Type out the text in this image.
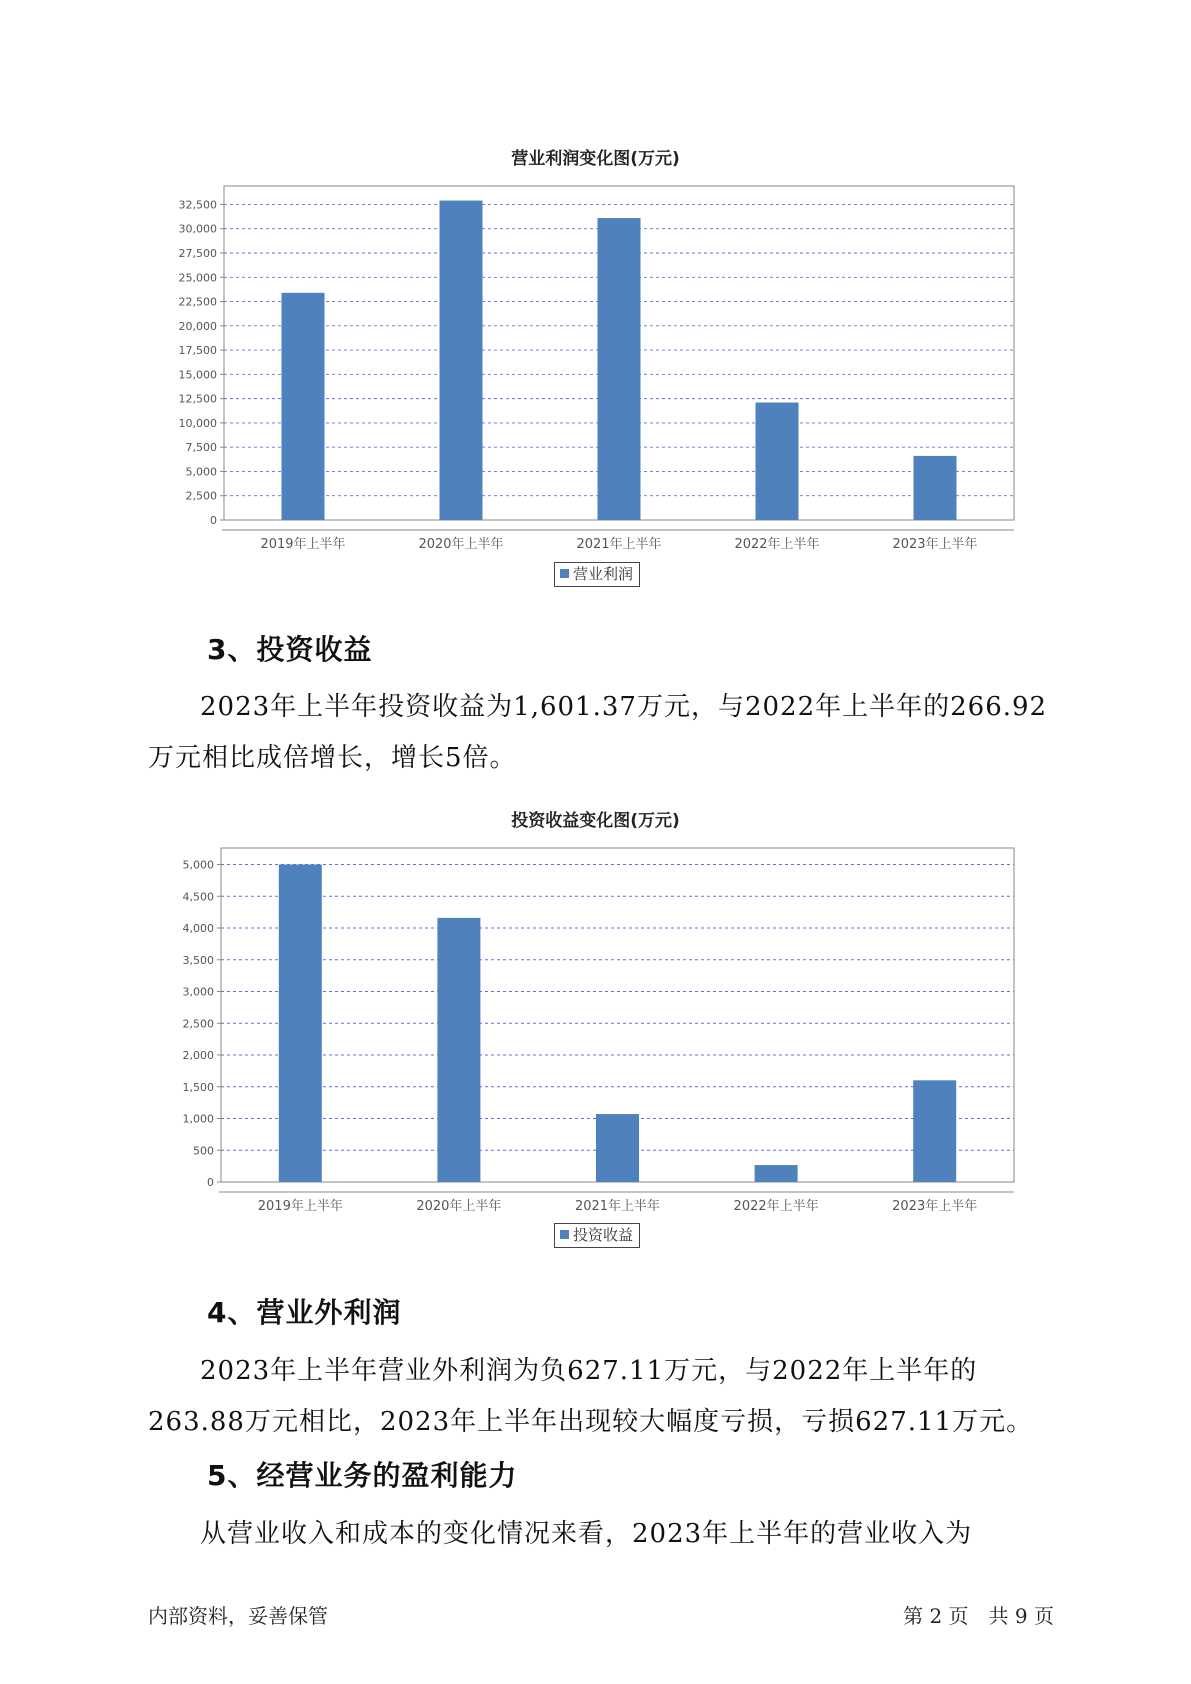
营业利润变化图(万元)
0
2,500
5,000
7,500
10,000
12,500
15,000
17,500
20,000
22,500
25,000
27,500
30,000
32,500
2019年上半年	2020年上半年	2021年上半年	2022年上半年	2023年上半年
营业利润
3、投资收益

2023年上半年投资收益为1,601.37万元，与2022年上半年的266.92万元相比成倍增长，增长5倍。

投资收益变化图(万元)
0
500
1,000
1,500
2,000
2,500
3,000
3,500
4,000
4,500
5,000
2019年上半年	2020年上半年	2021年上半年	2022年上半年	2023年上半年
投资收益
4、营业外利润

2023年上半年营业外利润为负627.11万元，与2022年上半年的263.88万元相比，2023年上半年出现较大幅度亏损，亏损627.11万元。

5、经营业务的盈利能力

从营业收入和成本的变化情况来看，2023年上半年的营业收入为

内部资料，妥善保管	第 2 页　共 9 页
